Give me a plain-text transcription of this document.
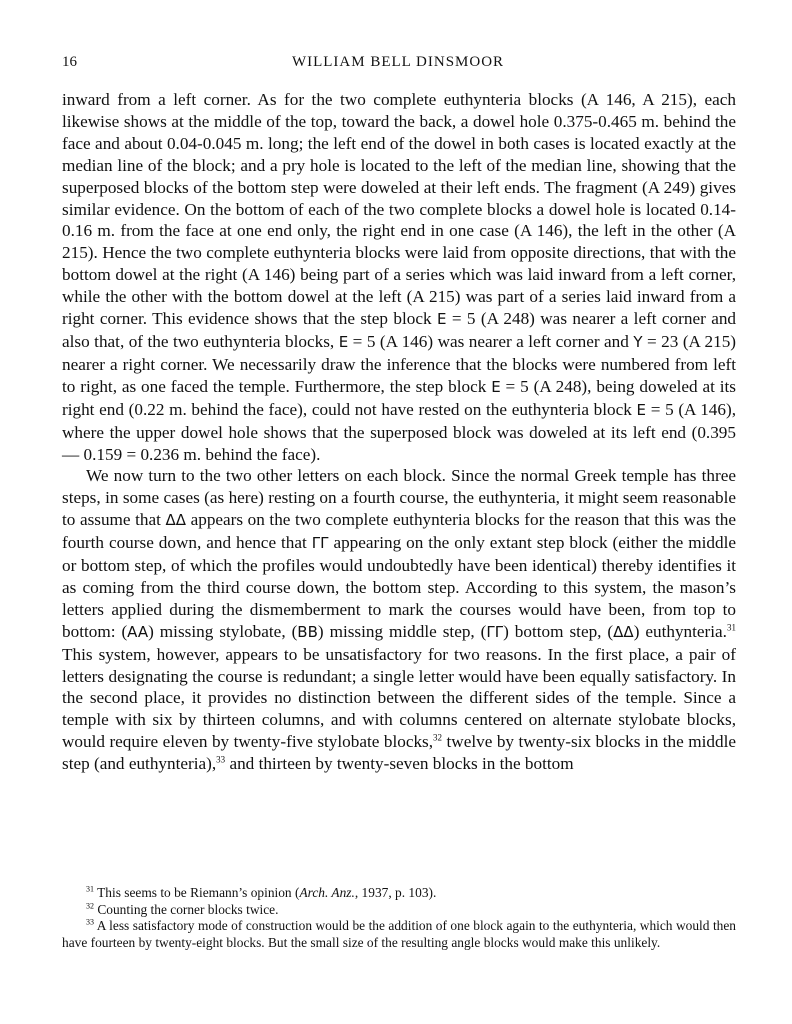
16	WILLIAM BELL DINSMOOR

inward from a left corner. As for the two complete euthynteria blocks (A 146, A 215), each likewise shows at the middle of the top, toward the back, a dowel hole 0.375-0.465 m. behind the face and about 0.04-0.045 m. long; the left end of the dowel in both cases is located exactly at the median line of the block; and a pry hole is located to the left of the median line, showing that the superposed blocks of the bottom step were doweled at their left ends. The fragment (A 249) gives similar evidence. On the bottom of each of the two complete blocks a dowel hole is located 0.14-0.16 m. from the face at one end only, the right end in one case (A 146), the left in the other (A 215). Hence the two complete euthynteria blocks were laid from opposite directions, that with the bottom dowel at the right (A 146) being part of a series which was laid inward from a left corner, while the other with the bottom dowel at the left (A 215) was part of a series laid inward from a right corner. This evidence shows that the step block E = 5 (A 248) was nearer a left corner and also that, of the two euthynteria blocks, E = 5 (A 146) was nearer a left corner and Y = 23 (A 215) nearer a right corner. We necessarily draw the inference that the blocks were numbered from left to right, as one faced the temple. Furthermore, the step block E = 5 (A 248), being doweled at its right end (0.22 m. behind the face), could not have rested on the euthynteria block E = 5 (A 146), where the upper dowel hole shows that the superposed block was doweled at its left end (0.395 — 0.159 = 0.236 m. behind the face).

We now turn to the two other letters on each block. Since the normal Greek temple has three steps, in some cases (as here) resting on a fourth course, the euthynteria, it might seem reasonable to assume that ΔΔ appears on the two complete euthynteria blocks for the reason that this was the fourth course down, and hence that ΓΓ appearing on the only extant step block (either the middle or bottom step, of which the profiles would undoubtedly have been identical) thereby identifies it as coming from the third course down, the bottom step. According to this system, the mason’s letters applied during the dismemberment to mark the courses would have been, from top to bottom: (AA) missing stylobate, (BB) missing middle step, (ΓΓ) bottom step, (ΔΔ) euthynteria.$^{31}$ This system, however, appears to be unsatisfactory for two reasons. In the first place, a pair of letters designating the course is redundant; a single letter would have been equally satisfactory. In the second place, it provides no distinction between the different sides of the temple. Since a temple with six by thirteen columns, and with columns centered on alternate stylobate blocks, would require eleven by twenty-five stylobate blocks,$^{32}$ twelve by twenty-six blocks in the middle step (and euthynteria),$^{33}$ and thirteen by twenty-seven blocks in the bottom

$^{31}$ This seems to be Riemann’s opinion (Arch. Anz., 1937, p. 103).

$^{32}$ Counting the corner blocks twice.

$^{33}$ A less satisfactory mode of construction would be the addition of one block again to the euthynteria, which would then have fourteen by twenty-eight blocks. But the small size of the resulting angle blocks would make this unlikely.
